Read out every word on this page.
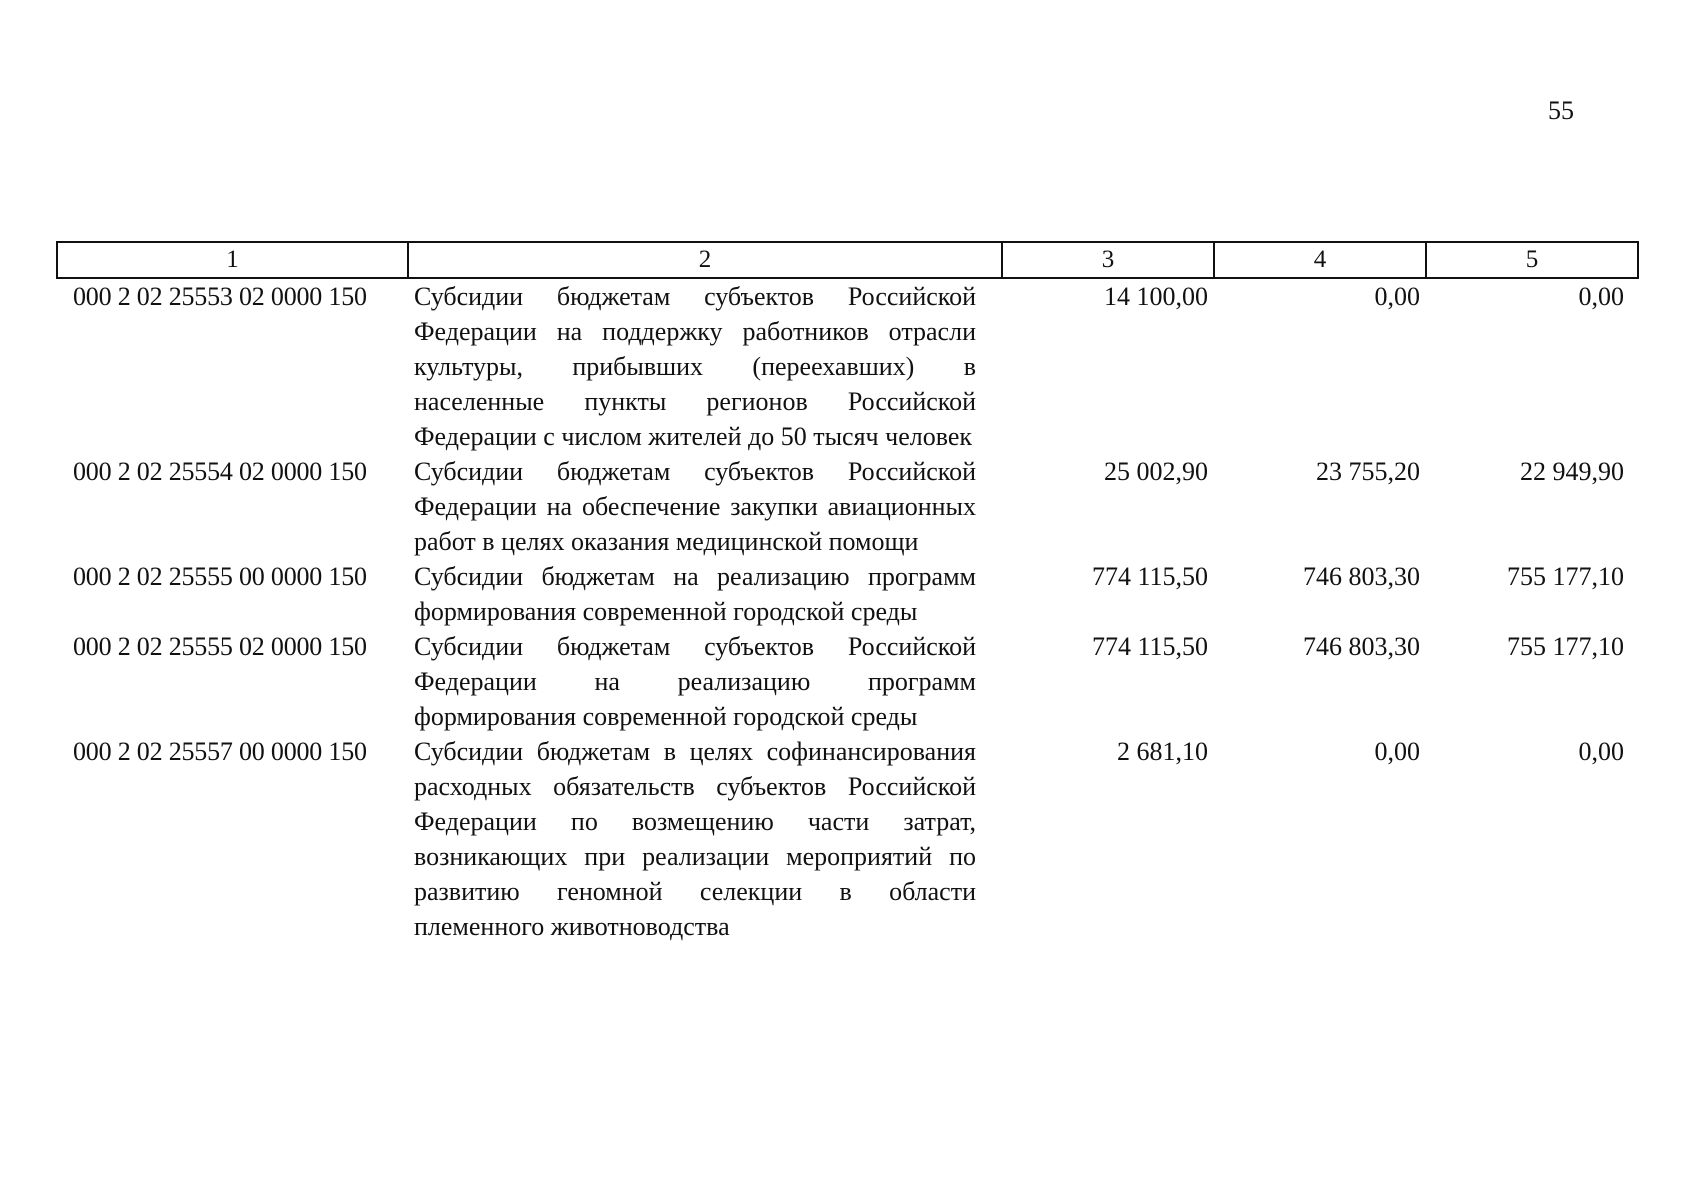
55
1	2	3	4	5
000 2 02 25553 02 0000 150	Субсидии бюджетам субъектов Российской Федерации на поддержку работников отрасли культуры, прибывших (переехавших) в населенные пункты регионов Российской Федерации с числом жителей до 50 тысяч человек	14 100,00	0,00	0,00
000 2 02 25554 02 0000 150	Субсидии бюджетам субъектов Российской Федерации на обеспечение закупки авиационных работ в целях оказания медицинской помощи	25 002,90	23 755,20	22 949,90
000 2 02 25555 00 0000 150	Субсидии бюджетам на реализацию программ формирования современной городской среды	774 115,50	746 803,30	755 177,10
000 2 02 25555 02 0000 150	Субсидии бюджетам субъектов Российской Федерации на реализацию программ формирования современной городской среды	774 115,50	746 803,30	755 177,10
000 2 02 25557 00 0000 150	Субсидии бюджетам в целях софинансирования расходных обязательств субъектов Российской Федерации по возмещению части затрат, возникающих при реализации мероприятий по развитию геномной селекции в области племенного животноводства	2 681,10	0,00	0,00
